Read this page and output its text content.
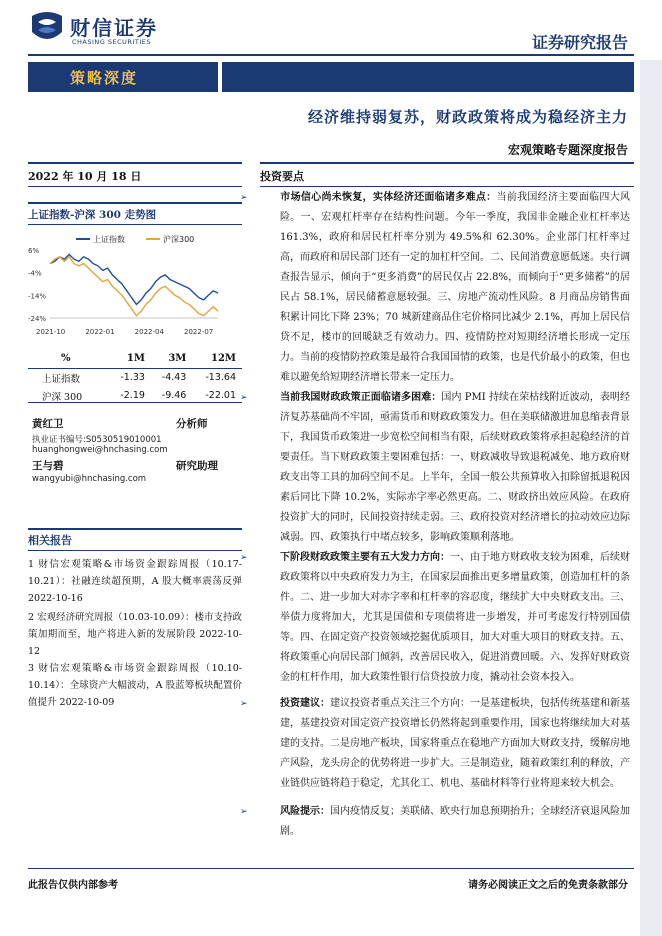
财信证券
CHASING SECURITIES	证券研究报告
策略深度
经济维持弱复苏，财政政策将成为稳经济主力
宏观策略专题深度报告
2022 年 10 月 18 日
上证指数-沪深 300 走势图
6%
-4%
-14%
-24%
2021-10	2022-01	2022-04	2022-07
上证指数	沪深300
%	1M	3M	12M
上证指数	-1.33	-4.43	-13.64
沪深 300	-2.19	-9.46	-22.01
黄红卫	分析师
执业证书编号:S0530519010001
huanghongwei@hnchasing.com
王与碧	研究助理
wangyubi@hnchasing.com
相关报告
1 财信宏观策略&市场资金跟踪周报（10.17-10.21）：社融连续超预期，A 股大概率震荡反弹 2022-10-16
2 宏观经济研究周报（10.03-10.09）：楼市支持政策加期而至，地产将进入新的发展阶段 2022-10-12
3 财信宏观策略&市场资金跟踪周报（10.10-10.14）：全球资产大幅波动，A 股蓝筹板块配置价值提升 2022-10-09
投资要点
➢	市场信心尚未恢复，实体经济还面临诸多难点：当前我国经济主要面临四大风险。一、宏观杠杆率存在结构性问题。今年一季度，我国非金融企业杠杆率达 161.3%，政府和居民杠杆率分别为 49.5%和 62.30%。企业部门杠杆率过高，而政府和居民部门还有一定的加杠杆空间。二、民间消费意愿低迷。央行调查报告显示，倾向于“更多消费”的居民仅占 22.8%，而倾向于“更多储蓄”的居民占 58.1%，居民储蓄意愿较强。三、房地产流动性风险。8 月商品房销售面积累计同比下降 23%；70 城新建商品住宅价格同比减少 2.1%，再加上居民信贷不足，楼市的回暖缺乏有效动力。四、疫情防控对短期经济增长形成一定压力。当前的疫情防控政策是最符合我国国情的政策，也是代价最小的政策，但也难以避免给短期经济增长带来一定压力。
➢	当前我国财政政策正面临诸多困难：国内 PMI 持续在荣枯线附近波动，表明经济复苏基础尚不牢固，亟需货币和财政政策发力。但在美联储激进加息缩表背景下，我国货币政策进一步宽松空间相当有限，后续财政政策将承担起稳经济的首要责任。当下财政政策主要困难包括：一、财政减收导致退税减免、地方政府财政支出等工具的加码空间不足。上半年，全国一般公共预算收入扣除留抵退税因素后同比下降 10.2%，实际赤字率必然更高。二、财政挤出效应风险。在政府投资扩大的同时，民间投资持续走弱。三、政府投资对经济增长的拉动效应边际减弱。四、政策执行中堵点较多，影响政策顺利落地。
➢	下阶段财政政策主要有五大发力方向：一、由于地方财政收支较为困难，后续财政政策将以中央政府发力为主，在国家层面推出更多增量政策，创造加杠杆的条件。二、进一步加大对赤字率和杠杆率的容忍度，继续扩大中央财政支出。三、举债力度将加大，尤其是国债和专项债将进一步增发，并可考虑发行特别国债等。四、在固定资产投资领域挖掘优质项目，加大对重大项目的财政支持。五、将政策重心向居民部门倾斜，改善居民收入，促进消费回暖。六、发挥好财政资金的杠杆作用，加大政策性银行信贷投放力度，撬动社会资本投入。
➢	投资建议：建议投资者重点关注三个方向：一是基建板块，包括传统基建和新基建，基建投资对国定资产投资增长仍然将起到重要作用，国家也将继续加大对基建的支持。二是房地产板块，国家将重点在稳地产方面加大财政支持，缓解房地产风险，龙头房企的优势将进一步扩大。三是制造业，随着政策红利的释放，产业链供应链将趋于稳定，尤其化工、机电、基础材料等行业将迎来较大机会。
➢	风险提示：国内疫情反复；美联储、欧央行加息预期抬升；全球经济衰退风险加剧。
此报告仅供内部参考	请务必阅读正文之后的免责条款部分
